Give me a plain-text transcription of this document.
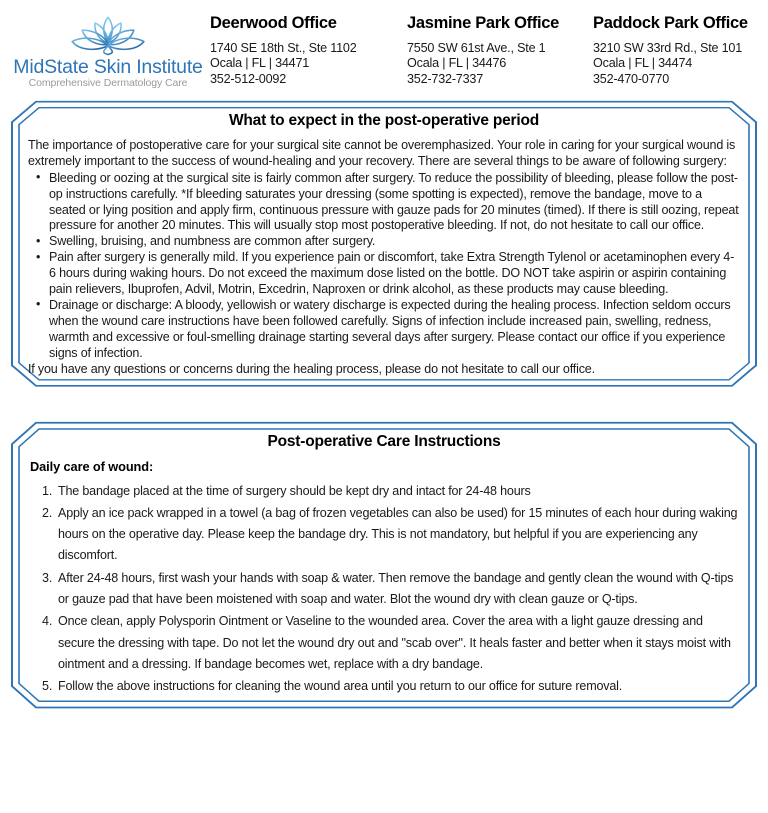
MidState Skin Institute
Comprehensive Dermatology Care
Deerwood Office
1740 SE 18th St., Ste 1102
Ocala | FL | 34471
352-512-0092
Jasmine Park Office
7550 SW 61st Ave., Ste 1
Ocala | FL | 34476
352-732-7337
Paddock Park Office
3210 SW 33rd Rd., Ste 101
Ocala | FL | 34474
352-470-0770
What to expect in the post-operative period
The importance of postoperative care for your surgical site cannot be overemphasized. Your role in caring for your surgical wound is extremely important to the success of wound-healing and your recovery. There are several things to be aware of following surgery:
• Bleeding or oozing at the surgical site is fairly common after surgery. To reduce the possibility of bleeding, please follow the post-op instructions carefully. *If bleeding saturates your dressing (some spotting is expected), remove the bandage, move to a seated or lying position and apply firm, continuous pressure with gauze pads for 20 minutes (timed). If there is still oozing, repeat pressure for another 20 minutes. This will usually stop most postoperative bleeding. If not, do not hesitate to call our office.
• Swelling, bruising, and numbness are common after surgery.
• Pain after surgery is generally mild. If you experience pain or discomfort, take Extra Strength Tylenol or acetaminophen every 4-6 hours during waking hours. Do not exceed the maximum dose listed on the bottle. DO NOT take aspirin or aspirin containing pain relievers, Ibuprofen, Advil, Motrin, Excedrin, Naproxen or drink alcohol, as these products may cause bleeding.
• Drainage or discharge: A bloody, yellowish or watery discharge is expected during the healing process. Infection seldom occurs when the wound care instructions have been followed carefully. Signs of infection include increased pain, swelling, redness, warmth and excessive or foul-smelling drainage starting several days after surgery. Please contact our office if you experience signs of infection.
If you have any questions or concerns during the healing process, please do not hesitate to call our office.
Post-operative Care Instructions
Daily care of wound:
The bandage placed at the time of surgery should be kept dry and intact for 24-48 hours
Apply an ice pack wrapped in a towel (a bag of frozen vegetables can also be used) for 15 minutes of each hour during waking hours on the operative day. Please keep the bandage dry. This is not mandatory, but helpful if you are experiencing any discomfort.
After 24-48 hours, first wash your hands with soap & water. Then remove the bandage and gently clean the wound with Q-tips or gauze pad that have been moistened with soap and water. Blot the wound dry with clean gauze or Q-tips.
Once clean, apply Polysporin Ointment or Vaseline to the wounded area. Cover the area with a light gauze dressing and secure the dressing with tape. Do not let the wound dry out and "scab over". It heals faster and better when it stays moist with ointment and a dressing. If bandage becomes wet, replace with a dry bandage.
Follow the above instructions for cleaning the wound area until you return to our office for suture removal.
